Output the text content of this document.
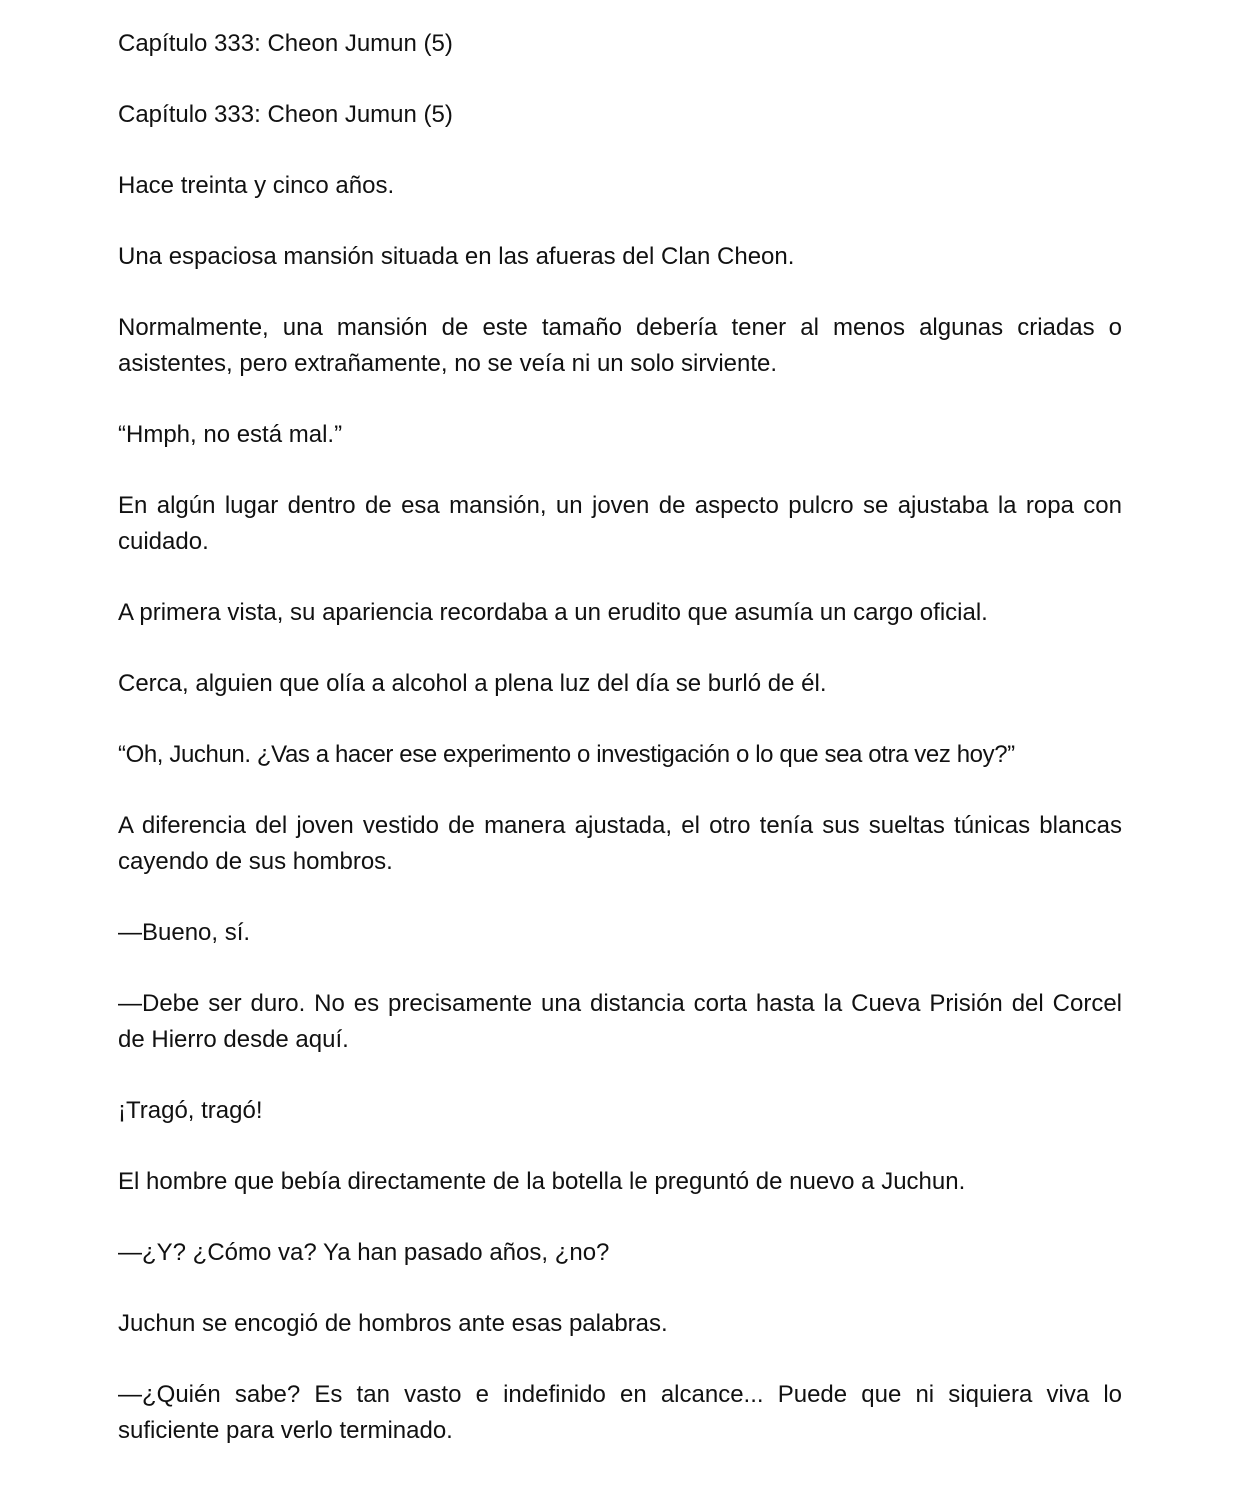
Capítulo 333: Cheon Jumun (5)

Capítulo 333: Cheon Jumun (5)

Hace treinta y cinco años.

Una espaciosa mansión situada en las afueras del Clan Cheon.

Normalmente, una mansión de este tamaño debería tener al menos algunas criadas o asistentes, pero extrañamente, no se veía ni un solo sirviente.

“Hmph, no está mal.”

En algún lugar dentro de esa mansión, un joven de aspecto pulcro se ajustaba la ropa con cuidado.

A primera vista, su apariencia recordaba a un erudito que asumía un cargo oficial.

Cerca, alguien que olía a alcohol a plena luz del día se burló de él.

“Oh, Juchun. ¿Vas a hacer ese experimento o investigación o lo que sea otra vez hoy?”

A diferencia del joven vestido de manera ajustada, el otro tenía sus sueltas túnicas blancas cayendo de sus hombros.

—Bueno, sí.

—Debe ser duro. No es precisamente una distancia corta hasta la Cueva Prisión del Corcel de Hierro desde aquí.

¡Tragó, tragó!

El hombre que bebía directamente de la botella le preguntó de nuevo a Juchun.

—¿Y? ¿Cómo va? Ya han pasado años, ¿no?

Juchun se encogió de hombros ante esas palabras.

—¿Quién sabe? Es tan vasto e indefinido en alcance... Puede que ni siquiera viva lo suficiente para verlo terminado.
